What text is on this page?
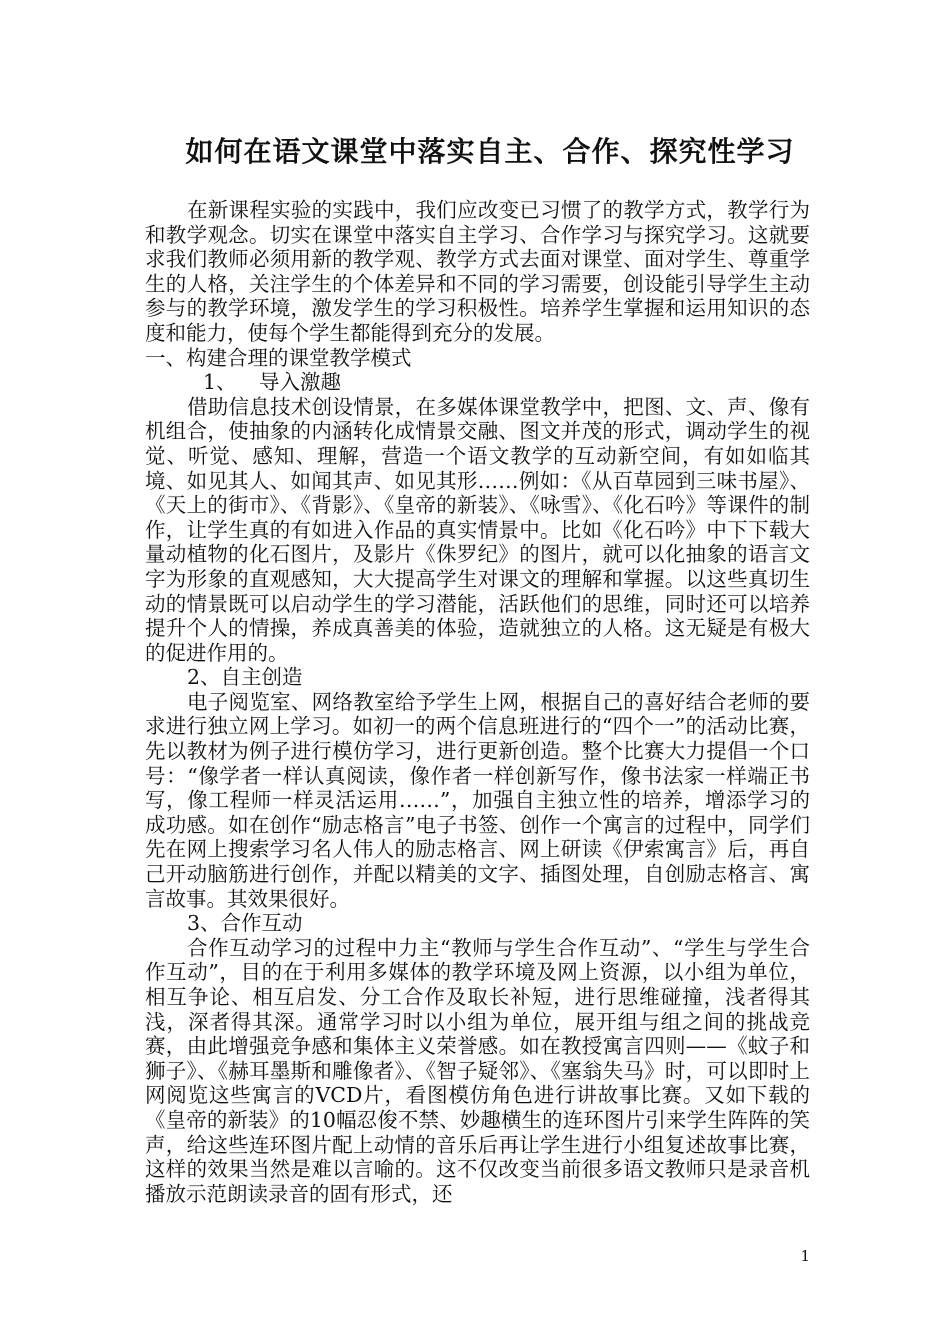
如何在语文课堂中落实自主、合作、探究性学习

在新课程实验的实践中，我们应改变已习惯了的教学方式，教学行为和教学观念。切实在课堂中落实自主学习、合作学习与探究学习。这就要求我们教师必须用新的教学观、教学方式去面对课堂、面对学生、尊重学生的人格，关注学生的个体差异和不同的学习需要，创设能引导学生主动参与的教学环境，激发学生的学习积极性。培养学生掌握和运用知识的态度和能力，使每个学生都能得到充分的发展。

一、构建合理的课堂教学模式

1、 导入激趣

借助信息技术创设情景，在多媒体课堂教学中，把图、文、声、像有机组合，使抽象的内涵转化成情景交融、图文并茂的形式，调动学生的视觉、听觉、感知、理解，营造一个语文教学的互动新空间，有如如临其境、如见其人、如闻其声、如见其形……例如：《从百草园到三味书屋》、《天上的街市》、《背影》、《皇帝的新装》、《咏雪》、《化石吟》等课件的制作，让学生真的有如进入作品的真实情景中。比如《化石吟》中下下载大量动植物的化石图片，及影片《侏罗纪》的图片，就可以化抽象的语言文字为形象的直观感知，大大提高学生对课文的理解和掌握。以这些真切生动的情景既可以启动学生的学习潜能，活跃他们的思维，同时还可以培养提升个人的情操，养成真善美的体验，造就独立的人格。这无疑是有极大的促进作用的。

2、自主创造

电子阅览室、网络教室给予学生上网，根据自己的喜好结合老师的要求进行独立网上学习。如初一的两个信息班进行的“四个一”的活动比赛，先以教材为例子进行模仿学习，进行更新创造。整个比赛大力提倡一个口号：“像学者一样认真阅读，像作者一样创新写作，像书法家一样端正书写，像工程师一样灵活运用……”，加强自主独立性的培养，增添学习的成功感。如在创作“励志格言”电子书签、创作一个寓言的过程中，同学们先在网上搜索学习名人伟人的励志格言、网上研读《伊索寓言》后，再自己开动脑筋进行创作，并配以精美的文字、插图处理，自创励志格言、寓言故事。其效果很好。

3、合作互动

合作互动学习的过程中力主“教师与学生合作互动”、“学生与学生合作互动”，目的在于利用多媒体的教学环境及网上资源，以小组为单位，相互争论、相互启发、分工合作及取长补短，进行思维碰撞，浅者得其浅，深者得其深。通常学习时以小组为单位，展开组与组之间的挑战竞赛，由此增强竞争感和集体主义荣誉感。如在教授寓言四则——《蚊子和狮子》、《赫耳墨斯和雕像者》、《智子疑邻》、《塞翁失马》时，可以即时上网阅览这些寓言的VCD片，看图模仿角色进行讲故事比赛。又如下载的《皇帝的新装》的10幅忍俊不禁、妙趣横生的连环图片引来学生阵阵的笑声，给这些连环图片配上动情的音乐后再让学生进行小组复述故事比赛，这样的效果当然是难以言喻的。这不仅改变当前很多语文教师只是录音机播放示范朗读录音的固有形式，还

1
